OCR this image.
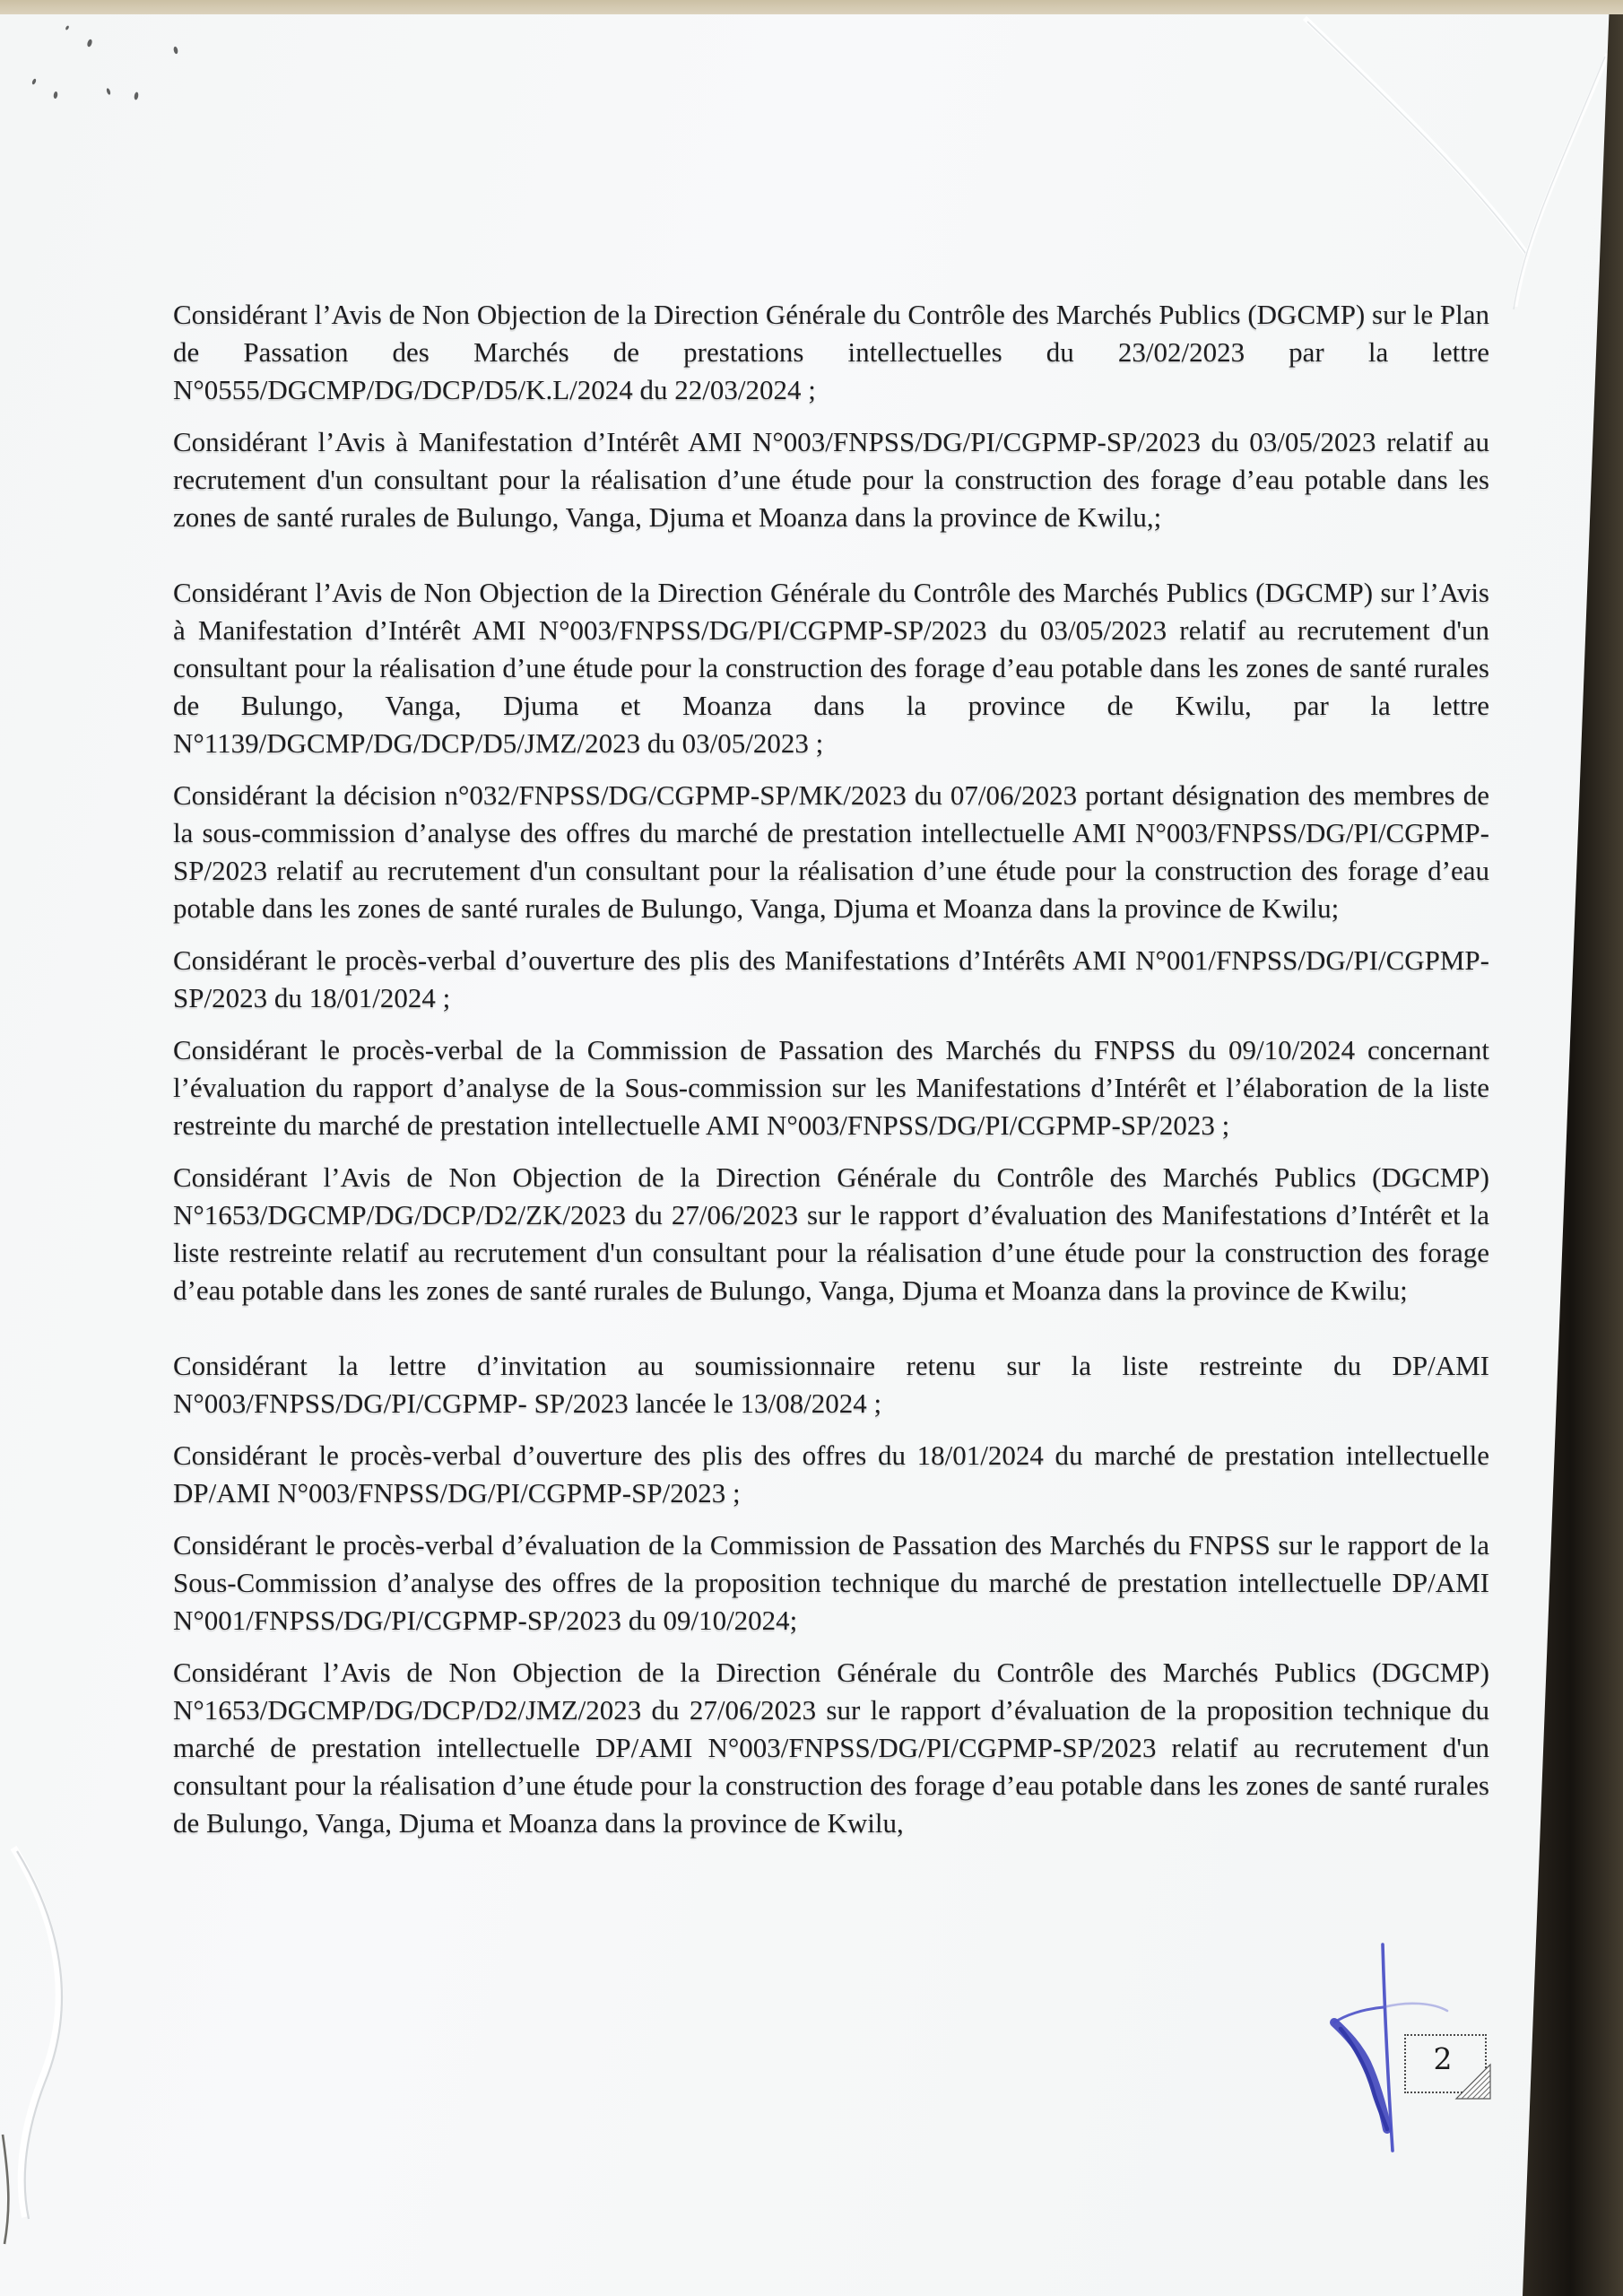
Considérant l’Avis de Non Objection de la Direction Générale du Contrôle des Marchés Publics (DGCMP) sur le Plan de Passation des Marchés de prestations intellectuelles du 23/02/2023 par la lettre N°0555/DGCMP/DG/DCP/D5/K.L/2024 du 22/03/2024 ;

Considérant l’Avis à Manifestation d’Intérêt AMI N°003/FNPSS/DG/PI/CGPMP-SP/2023 du 03/05/2023 relatif au recrutement d'un consultant pour la réalisation d’une étude pour la construction des forage d’eau potable dans les zones de santé rurales de Bulungo, Vanga, Djuma et Moanza dans la province de Kwilu,;

Considérant l’Avis de Non Objection de la Direction Générale du Contrôle des Marchés Publics (DGCMP) sur l’Avis à Manifestation d’Intérêt AMI N°003/FNPSS/DG/PI/CGPMP-SP/2023 du 03/05/2023 relatif au recrutement d'un consultant pour la réalisation d’une étude pour la construction des forage d’eau potable dans les zones de santé rurales de Bulungo, Vanga, Djuma et Moanza dans la province de Kwilu, par la lettre N°1139/DGCMP/DG/DCP/D5/JMZ/2023 du 03/05/2023 ;

Considérant la décision n°032/FNPSS/DG/CGPMP-SP/MK/2023 du 07/06/2023 portant désignation des membres de la sous-commission d’analyse des offres du marché de prestation intellectuelle AMI N°003/FNPSS/DG/PI/CGPMP-SP/2023 relatif au recrutement d'un consultant pour la réalisation d’une étude pour la construction des forage d’eau potable dans les zones de santé rurales de Bulungo, Vanga, Djuma et Moanza dans la province de Kwilu;

Considérant le procès-verbal d’ouverture des plis des Manifestations d’Intérêts AMI N°001/FNPSS/DG/PI/CGPMP-SP/2023 du 18/01/2024 ;

Considérant le procès-verbal de la Commission de Passation des Marchés du FNPSS du 09/10/2024 concernant l’évaluation du rapport d’analyse de la Sous-commission sur les Manifestations d’Intérêt et l’élaboration de la liste restreinte du marché de prestation intellectuelle AMI N°003/FNPSS/DG/PI/CGPMP-SP/2023 ;

Considérant l’Avis de Non Objection de la Direction Générale du Contrôle des Marchés Publics (DGCMP) N°1653/DGCMP/DG/DCP/D2/ZK/2023 du 27/06/2023 sur le rapport d’évaluation des Manifestations d’Intérêt et la liste restreinte relatif au recrutement d'un consultant pour la réalisation d’une étude pour la construction des forage d’eau potable dans les zones de santé rurales de Bulungo, Vanga, Djuma et Moanza dans la province de Kwilu;

Considérant la lettre d’invitation au soumissionnaire retenu sur la liste restreinte du DP/AMI N°003/FNPSS/DG/PI/CGPMP- SP/2023 lancée le 13/08/2024 ;

Considérant le procès-verbal d’ouverture des plis des offres du 18/01/2024 du marché de prestation intellectuelle DP/AMI N°003/FNPSS/DG/PI/CGPMP-SP/2023 ;

Considérant le procès-verbal d’évaluation de la Commission de Passation des Marchés du FNPSS sur le rapport de la Sous-Commission d’analyse des offres de la proposition technique du marché de prestation intellectuelle DP/AMI N°001/FNPSS/DG/PI/CGPMP-SP/2023 du 09/10/2024;

Considérant l’Avis de Non Objection de la Direction Générale du Contrôle des Marchés Publics (DGCMP) N°1653/DGCMP/DG/DCP/D2/JMZ/2023 du 27/06/2023 sur le rapport d’évaluation de la proposition technique du marché de prestation intellectuelle DP/AMI N°003/FNPSS/DG/PI/CGPMP-SP/2023 relatif au recrutement d'un consultant pour la réalisation d’une étude pour la construction des forage d’eau potable dans les zones de santé rurales de Bulungo, Vanga, Djuma et Moanza dans la province de Kwilu,

2
